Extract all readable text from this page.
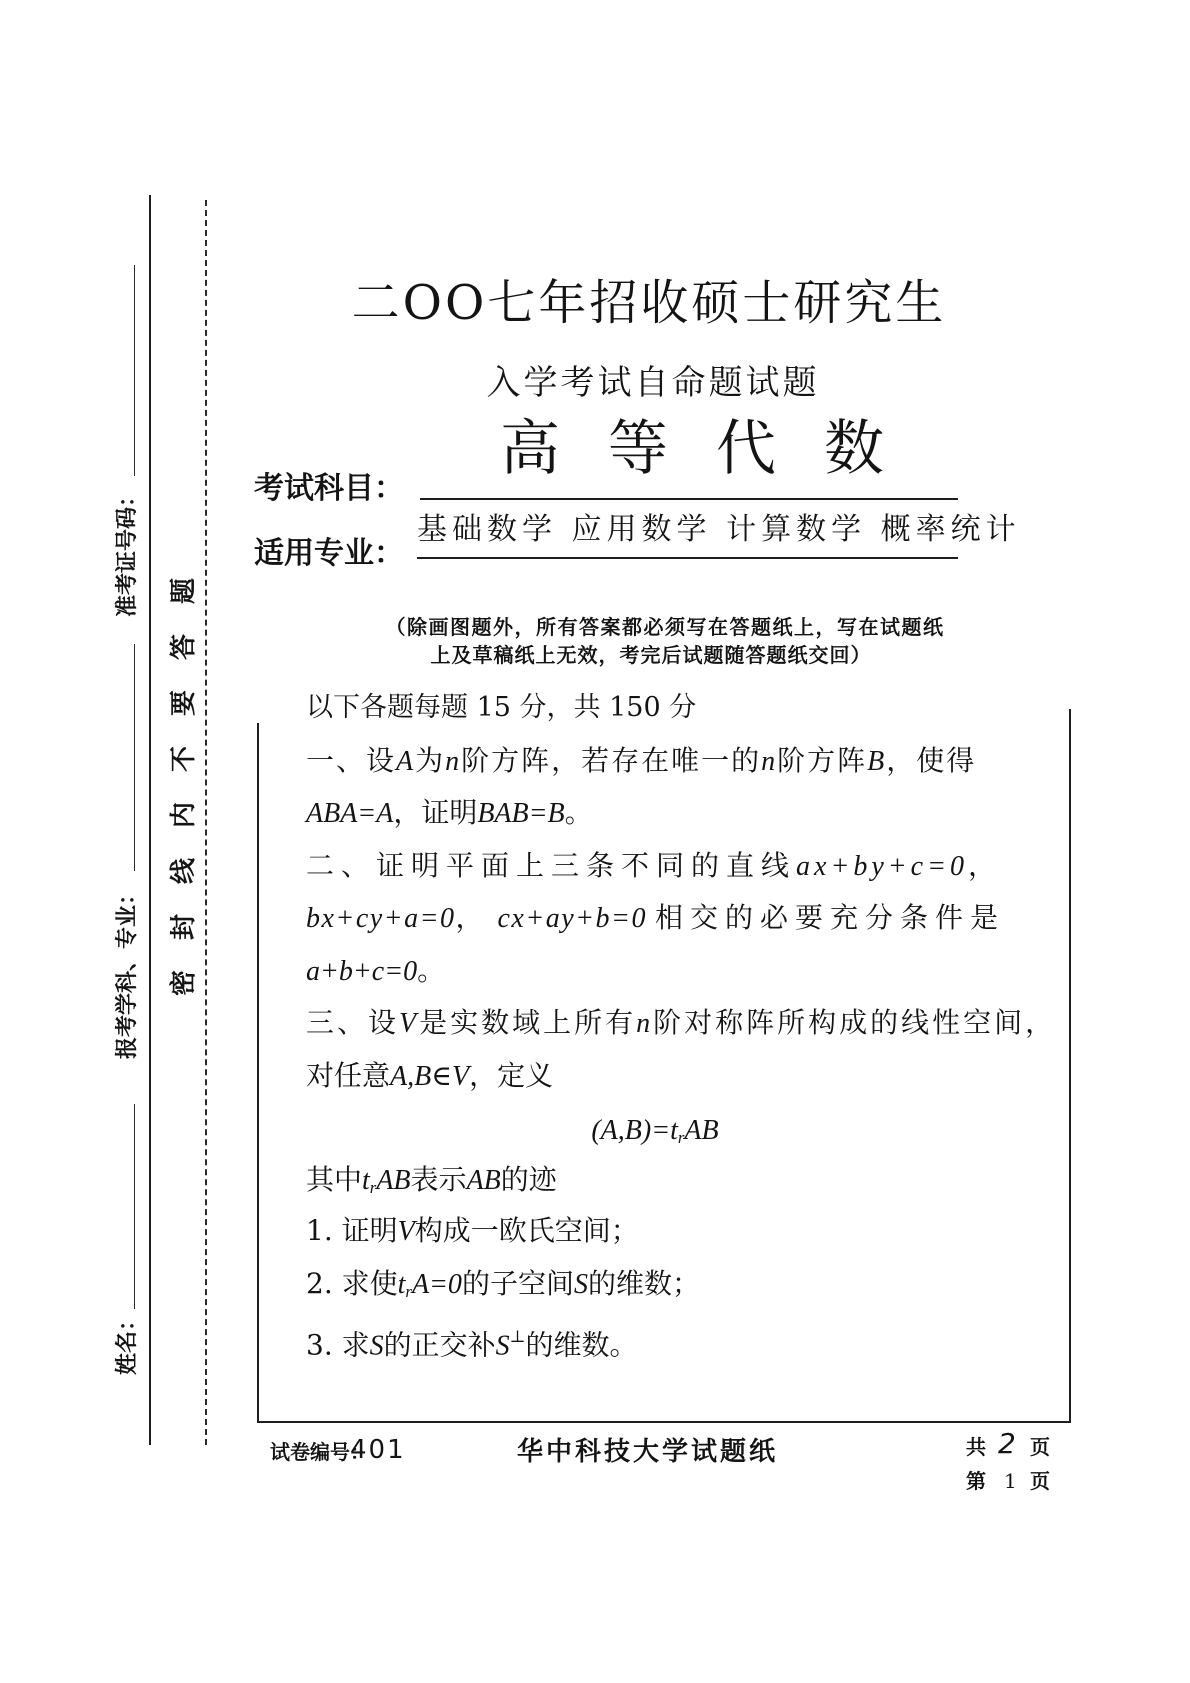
准考证号码：
报考学科、专业：
姓名：
密封线内不要答题
二OO七年招收硕士研究生
入学考试自命题试题
考试科目：
高等代数
适用专业：
基础数学 应用数学 计算数学 概率统计
（除画图题外，所有答案都必须写在答题纸上，写在试题纸
上及草稿纸上无效，考完后试题随答题纸交回）
以下各题每题 15 分，共 150 分
一、设A为n阶方阵，若存在唯一的n阶方阵B，使得
ABA=A，证明BAB=B。
二、证明平面上三条不同的直线ax+by+c=0，
bx+cy+a=0， cx+ay+b=0 相交的必要充分条件是
a+b+c=0。
三、设V是实数域上所有n阶对称阵所构成的线性空间，
对任意A,B∈V，定义
$(A,B)=t_rAB$
其中$t_rAB$表示AB的迹
1. 证明V构成一欧氏空间；
2. 求使$t_rA=0$的子空间S的维数；
3. 求S的正交补S⊥的维数。
试卷编号：
401	华中科技大学试题纸	共 2 页
第 1 页
